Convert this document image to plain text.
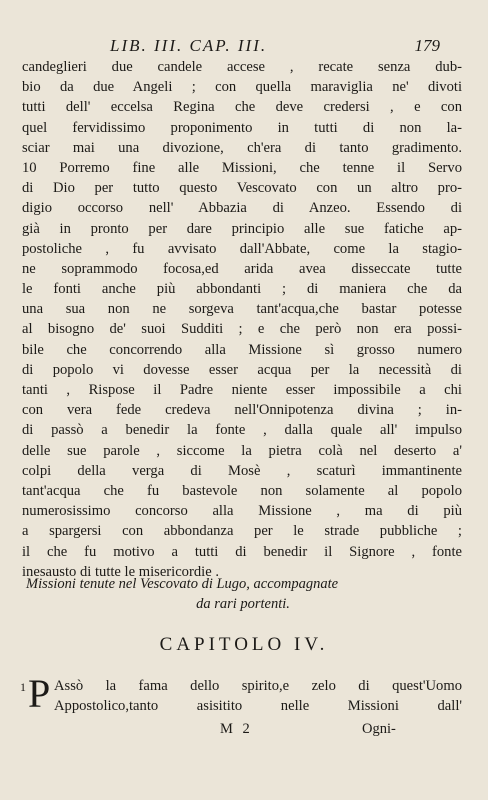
LIB. III. CAP. III.	179
candeglieri due candele accese , recate senza dub-
bio da due Angeli ; con quella maraviglia ne' divoti
tutti dell' eccelsa Regina che deve credersi , e con
quel fervidissimo proponimento in tutti di non la-
sciar mai una divozione, ch'era di tanto gradimento.
10 Porremo fine alle Missioni, che tenne il Servo
di Dio per tutto questo Vescovato con un altro pro-
digio occorso nell' Abbazia di Anzeo. Essendo di
già in pronto per dare principio alle sue fatiche ap-
postoliche , fu avvisato dall'Abbate, come la stagio-
ne soprammodo focosa,ed arida avea disseccate tutte
le fonti anche più abbondanti ; di maniera che da
una sua non ne sorgeva tant'acqua,che bastar potesse
al bisogno de' suoi Sudditi ; e che però non era possi-
bile che concorrendo alla Missione sì grosso numero
di popolo vi dovesse esser acqua per la necessità di
tanti , Rispose il Padre niente esser impossibile a chi
con vera fede credeva nell'Onnipotenza divina ; in-
di passò a benedir la fonte , dalla quale all' impulso
delle sue parole , siccome la pietra colà nel deserto a'
colpi della verga di Mosè , scaturì immantinente
tant'acqua che fu bastevole non solamente al popolo
numerosissimo concorso alla Missione , ma di più
a spargersi con abbondanza per le strade pubbliche ;
il che fu motivo a tutti di benedir il Signore , fonte
inesausto di tutte le misericordie .
Missioni tenute nel Vescovato di Lugo, accompagnate
da rari portenti.
CAPITOLO IV.
1 P Assò la fama dello spirito,e zelo di quest'Uomo
Appostolico,tanto asisitito nelle Missioni dall'
M 2	Ogni-
